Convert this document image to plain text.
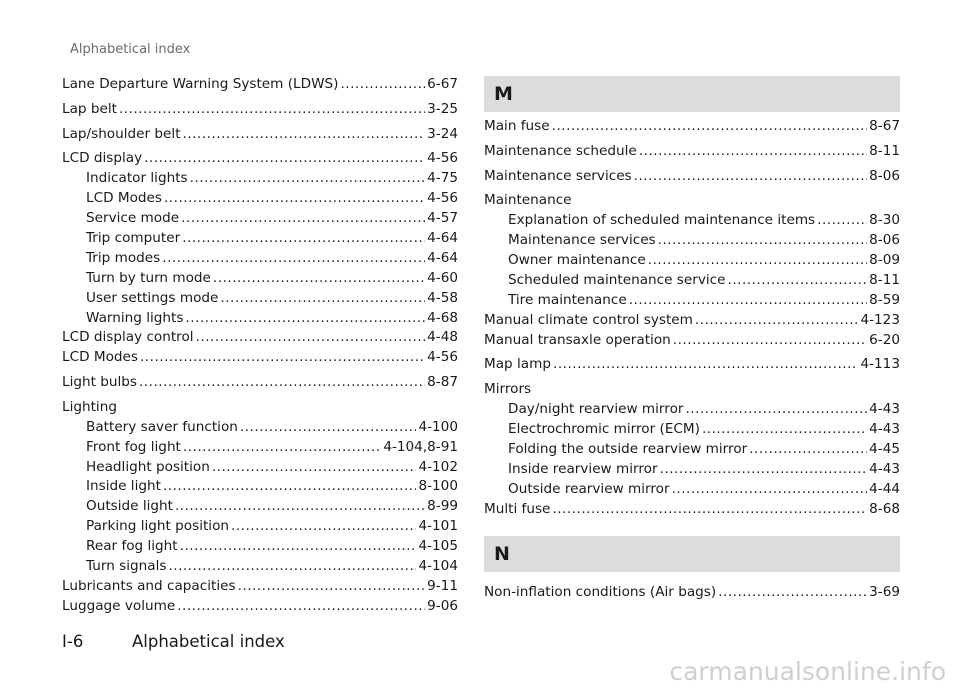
Alphabetical index
Lane Departure Warning System (LDWS) .....	6-67
Lap belt .....	3-25
Lap/shoulder belt .....	3-24
LCD display .....	4-56
Indicator lights .....	4-75
LCD Modes .....	4-56
Service mode .....	4-57
Trip computer .....	4-64
Trip modes .....	4-64
Turn by turn mode .....	4-60
User settings mode .....	4-58
Warning lights .....	4-68
LCD display control .....	4-48
LCD Modes .....	4-56
Light bulbs .....	8-87
Lighting
Battery saver function .....	4-100
Front fog light .....	4-104,8-91
Headlight position .....	4-102
Inside light .....	8-100
Outside light .....	8-99
Parking light position .....	4-101
Rear fog light .....	4-105
Turn signals .....	4-104
Lubricants and capacities .....	9-11
Luggage volume .....	9-06
M
Main fuse .....	8-67
Maintenance schedule .....	8-11
Maintenance services .....	8-06
Maintenance
Explanation of scheduled maintenance items .....	8-30
Maintenance services .....	8-06
Owner maintenance .....	8-09
Scheduled maintenance service .....	8-11
Tire maintenance .....	8-59
Manual climate control system .....	4-123
Manual transaxle operation .....	6-20
Map lamp .....	4-113
Mirrors
Day/night rearview mirror .....	4-43
Electrochromic mirror (ECM) .....	4-43
Folding the outside rearview mirror .....	4-45
Inside rearview mirror .....	4-43
Outside rearview mirror .....	4-44
Multi fuse .....	8-68
N
Non-inflation conditions (Air bags) .....	3-69
I-6	Alphabetical index
carmanualsonline.info
